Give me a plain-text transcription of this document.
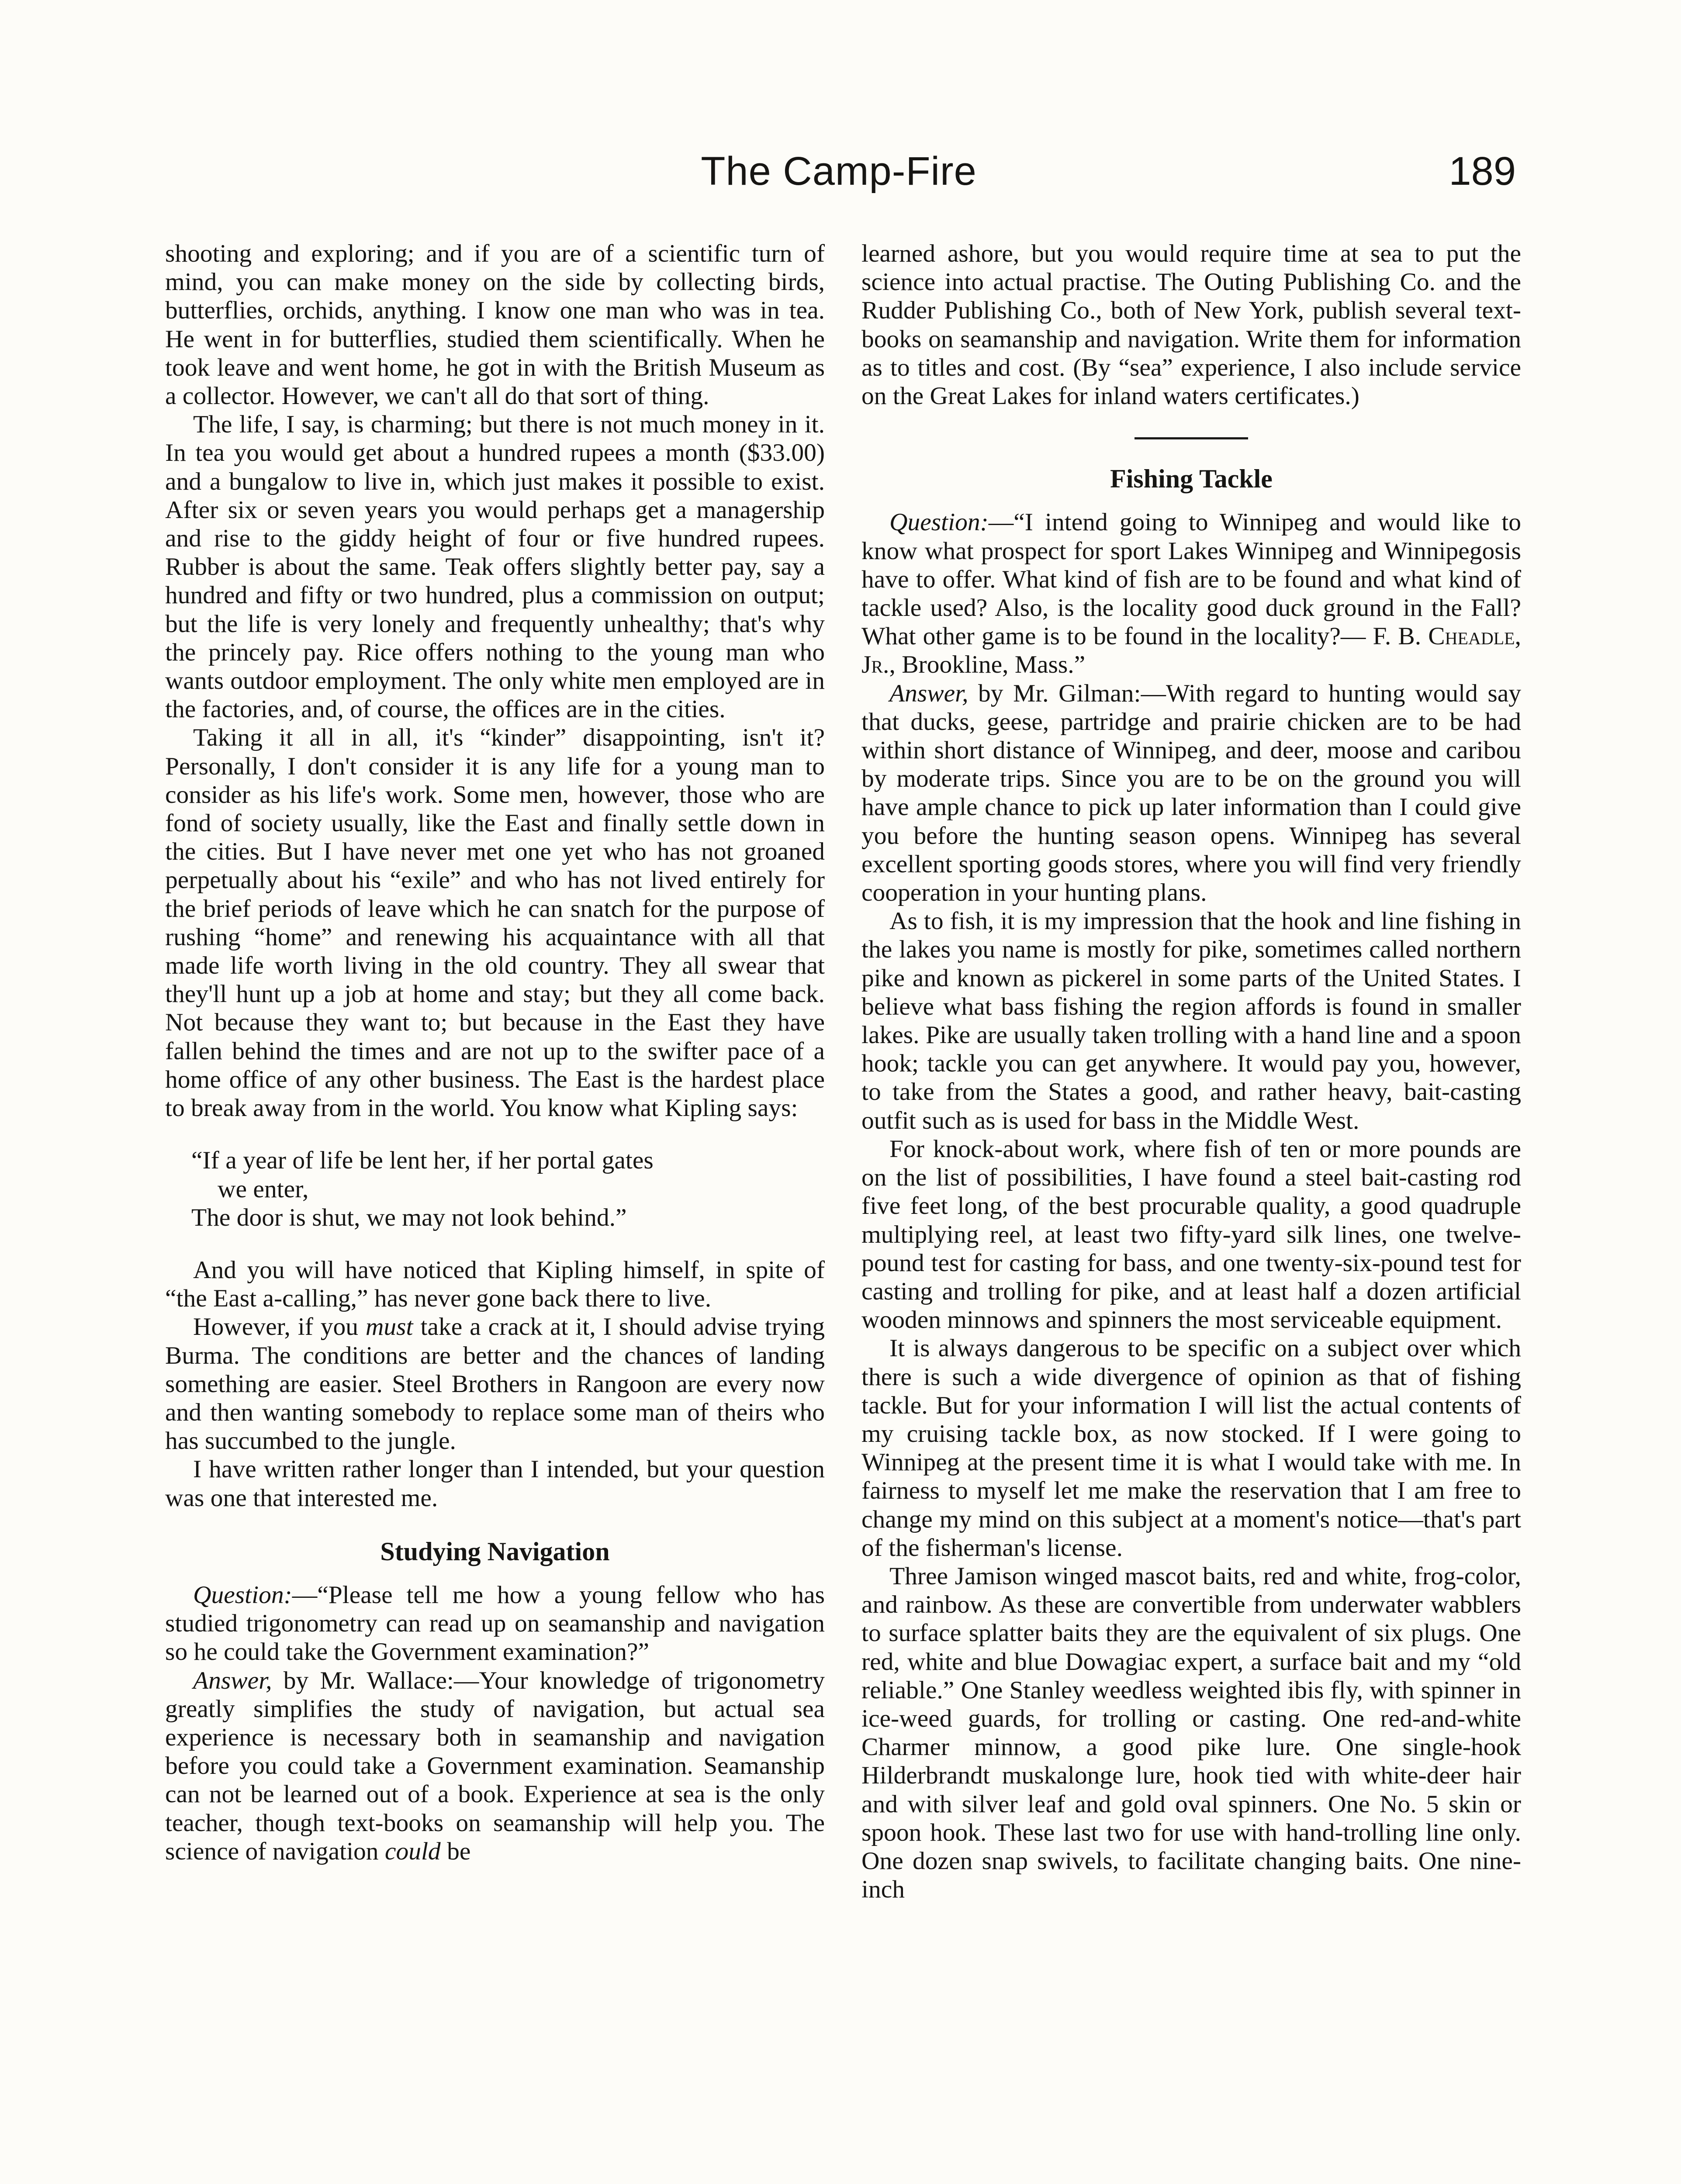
The Camp-Fire	189

shooting and exploring; and if you are of a scientific turn of mind, you can make money on the side by collecting birds, butterflies, orchids, anything. I know one man who was in tea. He went in for butterflies, studied them scientifically. When he took leave and went home, he got in with the British Museum as a collector. However, we can't all do that sort of thing.

The life, I say, is charming; but there is not much money in it. In tea you would get about a hundred rupees a month ($33.00) and a bungalow to live in, which just makes it possible to exist. After six or seven years you would perhaps get a managership and rise to the giddy height of four or five hundred rupees. Rubber is about the same. Teak offers slightly better pay, say a hundred and fifty or two hundred, plus a commission on output; but the life is very lonely and frequently unhealthy; that's why the princely pay. Rice offers nothing to the young man who wants outdoor employment. The only white men employed are in the factories, and, of course, the offices are in the cities.

Taking it all in all, it's “kinder” disappointing, isn't it? Personally, I don't consider it is any life for a young man to consider as his life's work. Some men, however, those who are fond of society usually, like the East and finally settle down in the cities. But I have never met one yet who has not groaned perpetually about his “exile” and who has not lived entirely for the brief periods of leave which he can snatch for the purpose of rushing “home” and renewing his acquaintance with all that made life worth living in the old country. They all swear that they'll hunt up a job at home and stay; but they all come back. Not because they want to; but because in the East they have fallen behind the times and are not up to the swifter pace of a home office of any other business. The East is the hardest place to break away from in the world. You know what Kipling says:

“If a year of life be lent her, if her portal gates
we enter,
The door is shut, we may not look behind.”

And you will have noticed that Kipling himself, in spite of “the East a-calling,” has never gone back there to live.

However, if you must take a crack at it, I should advise trying Burma. The conditions are better and the chances of landing something are easier. Steel Brothers in Rangoon are every now and then wanting somebody to replace some man of theirs who has succumbed to the jungle.

I have written rather longer than I intended, but your question was one that interested me.

Studying Navigation

Question:—“Please tell me how a young fellow who has studied trigonometry can read up on seamanship and navigation so he could take the Government examination?”

Answer, by Mr. Wallace:—Your knowledge of trigonometry greatly simplifies the study of navigation, but actual sea experience is necessary both in seamanship and navigation before you could take a Government examination. Seamanship can not be learned out of a book. Experience at sea is the only teacher, though text-books on seamanship will help you. The science of navigation could be

learned ashore, but you would require time at sea to put the science into actual practise. The Outing Publishing Co. and the Rudder Publishing Co., both of New York, publish several text-books on seamanship and navigation. Write them for information as to titles and cost. (By “sea” experience, I also include service on the Great Lakes for inland waters certificates.)

Fishing Tackle

Question:—“I intend going to Winnipeg and would like to know what prospect for sport Lakes Winnipeg and Winnipegosis have to offer. What kind of fish are to be found and what kind of tackle used? Also, is the locality good duck ground in the Fall? What other game is to be found in the locality?— F. B. Cheadle, Jr., Brookline, Mass.”

Answer, by Mr. Gilman:—With regard to hunting would say that ducks, geese, partridge and prairie chicken are to be had within short distance of Winnipeg, and deer, moose and caribou by moderate trips. Since you are to be on the ground you will have ample chance to pick up later information than I could give you before the hunting season opens. Winnipeg has several excellent sporting goods stores, where you will find very friendly cooperation in your hunting plans.

As to fish, it is my impression that the hook and line fishing in the lakes you name is mostly for pike, sometimes called northern pike and known as pickerel in some parts of the United States. I believe what bass fishing the region affords is found in smaller lakes. Pike are usually taken trolling with a hand line and a spoon hook; tackle you can get anywhere. It would pay you, however, to take from the States a good, and rather heavy, bait-casting outfit such as is used for bass in the Middle West.

For knock-about work, where fish of ten or more pounds are on the list of possibilities, I have found a steel bait-casting rod five feet long, of the best procurable quality, a good quadruple multiplying reel, at least two fifty-yard silk lines, one twelve-pound test for casting for bass, and one twenty-six-pound test for casting and trolling for pike, and at least half a dozen artificial wooden minnows and spinners the most serviceable equipment.

It is always dangerous to be specific on a subject over which there is such a wide divergence of opinion as that of fishing tackle. But for your information I will list the actual contents of my cruising tackle box, as now stocked. If I were going to Winnipeg at the present time it is what I would take with me. In fairness to myself let me make the reservation that I am free to change my mind on this subject at a moment's notice—that's part of the fisherman's license.

Three Jamison winged mascot baits, red and white, frog-color, and rainbow. As these are convertible from underwater wabblers to surface splatter baits they are the equivalent of six plugs. One red, white and blue Dowagiac expert, a surface bait and my “old reliable.” One Stanley weedless weighted ibis fly, with spinner in ice-weed guards, for trolling or casting. One red-and-white Charmer minnow, a good pike lure. One single-hook Hilderbrandt muskalonge lure, hook tied with white-deer hair and with silver leaf and gold oval spinners. One No. 5 skin or spoon hook. These last two for use with hand-trolling line only. One dozen snap swivels, to facilitate changing baits. One nine-inch
